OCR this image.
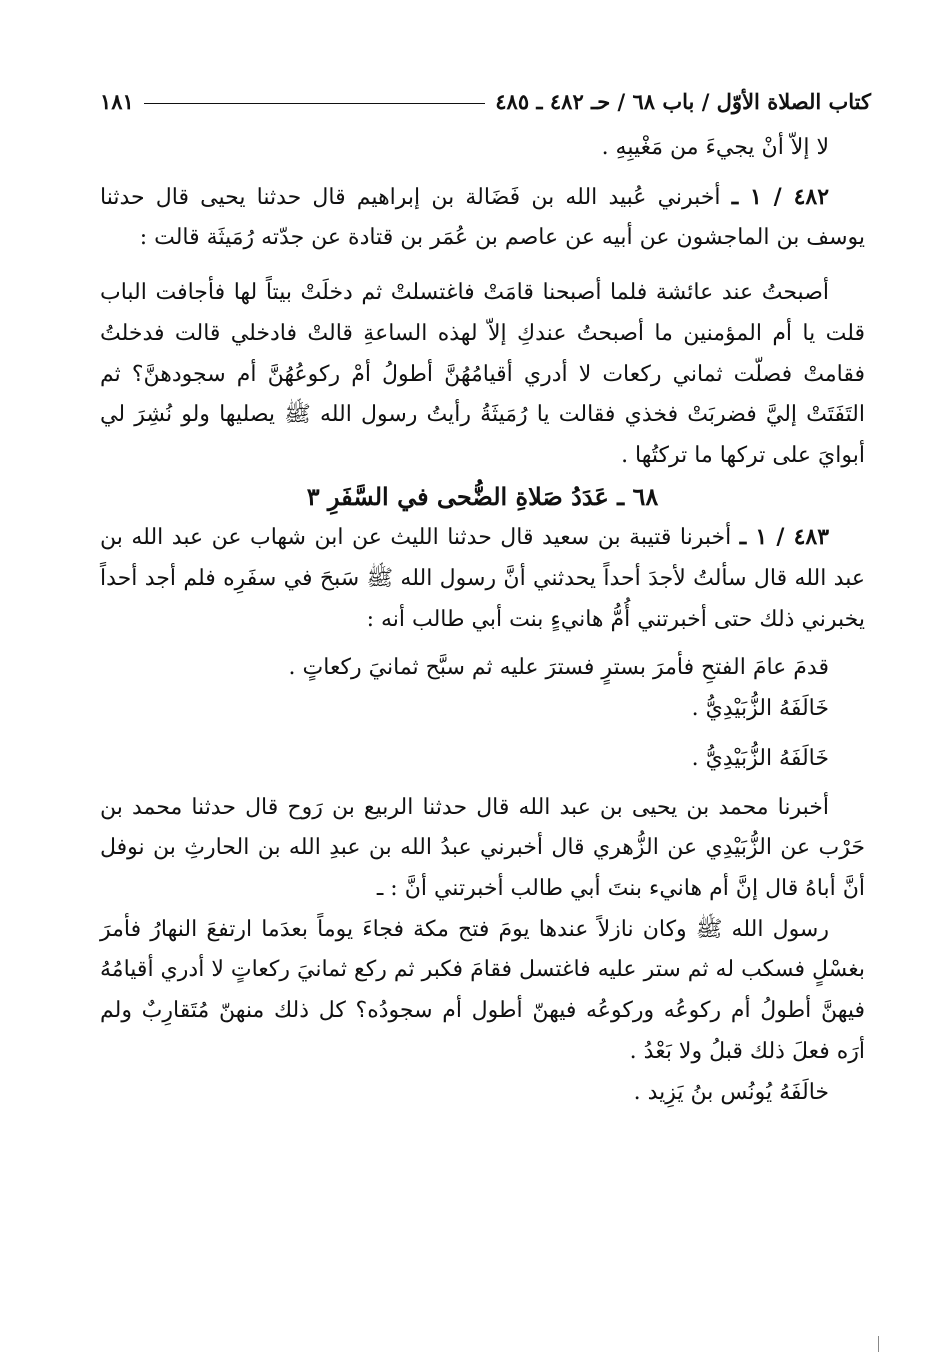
كتاب الصلاة الأوّل / باب ٦٨ / حـ ٤٨٢ ـ ٤٨٥
١٨١

لا إلاّ أنْ يجيءَ من مَغْيبِهِ .

٤٨٢ / ١ ـ أخبرني عُبيد الله بن فَضَالة بن إبراهيم قال حدثنا يحيى قال حدثنا يوسف بن الماجشون عن أبيه عن عاصم بن عُمَر بن قتادة عن جدّته رُمَيثَة قالت :

أصبحتُ عند عائشة فلما أصبحنا قامَتْ فاغتسلتْ ثم دخلَتْ بيتاً لها فأجافت الباب قلت يا أم المؤمنين ما أصبحتُ عندكِ إلاّ لهذه الساعةِ قالتْ فادخلي قالت فدخلتُ فقامتْ فصلّت ثماني ركعات لا أدري أقيامُهُنَّ أطولُ أمْ ركوعُهُنَّ أم سجودهنَّ؟ ثم التَفَتَتْ إليَّ فضربَتْ فخذي فقالت يا رُمَيثَةُ رأيتُ رسول الله ﷺ يصليها ولو نُشِرَ لي أبوايَ على تركها ما تركتُها .

٦٨ ـ عَدَدُ صَلاةِ الضُّحى في السَّفَرِ ٣

٤٨٣ / ١ ـ أخبرنا قتيبة بن سعيد قال حدثنا الليث عن ابن شهاب عن عبد الله بن عبد الله قال سألتُ لأجدَ أحداً يحدثني أنَّ رسول الله ﷺ سَبحَ في سفَرِه فلم أجد أحداً يخبرني ذلك حتى أخبرتني أُمُّ هانيءٍ بنت أبي طالب أنه :

قدمَ عامَ الفتحِ فأمرَ بسترٍ فسترَ عليه ثم سبَّح ثمانيَ ركعاتٍ .

خَالَفَهُ الزُّبَيْدِيُّ .

خَالَفَهُ الزُّبَيْدِيُّ .

أخبرنا محمد بن يحيى بن عبد الله قال حدثنا الربيع بن رَوح قال حدثنا محمد بن حَرْب عن الزُّبَيْدِي عن الزُّهري قال أخبرني عبدُ الله بن عبدِ الله بن الحارثِ بن نوفل أنَّ أباهُ قال إنَّ أم هانيء بنتَ أبي طالب أخبرتني أنَّ : ـ

رسول الله ﷺ وكان نازلاً عندها يومَ فتح مكة فجاءَ يوماً بعدَما ارتفعَ النهارُ فأمرَ بغسْلٍ فسكب له ثم ستر عليه فاغتسل فقامَ فكبر ثم ركع ثمانيَ ركعاتٍ لا أدري أقيامُهُ فيهنَّ أطولُ أم ركوعُه وركوعُه فيهنّ أطول أم سجودُه؟ كل ذلك منهنّ مُتَقارِبٌ ولم أرَه فعلَ ذلك قبلُ ولا بَعْدُ .

خالَفَهُ يُونُس بنُ يَزِيد .
